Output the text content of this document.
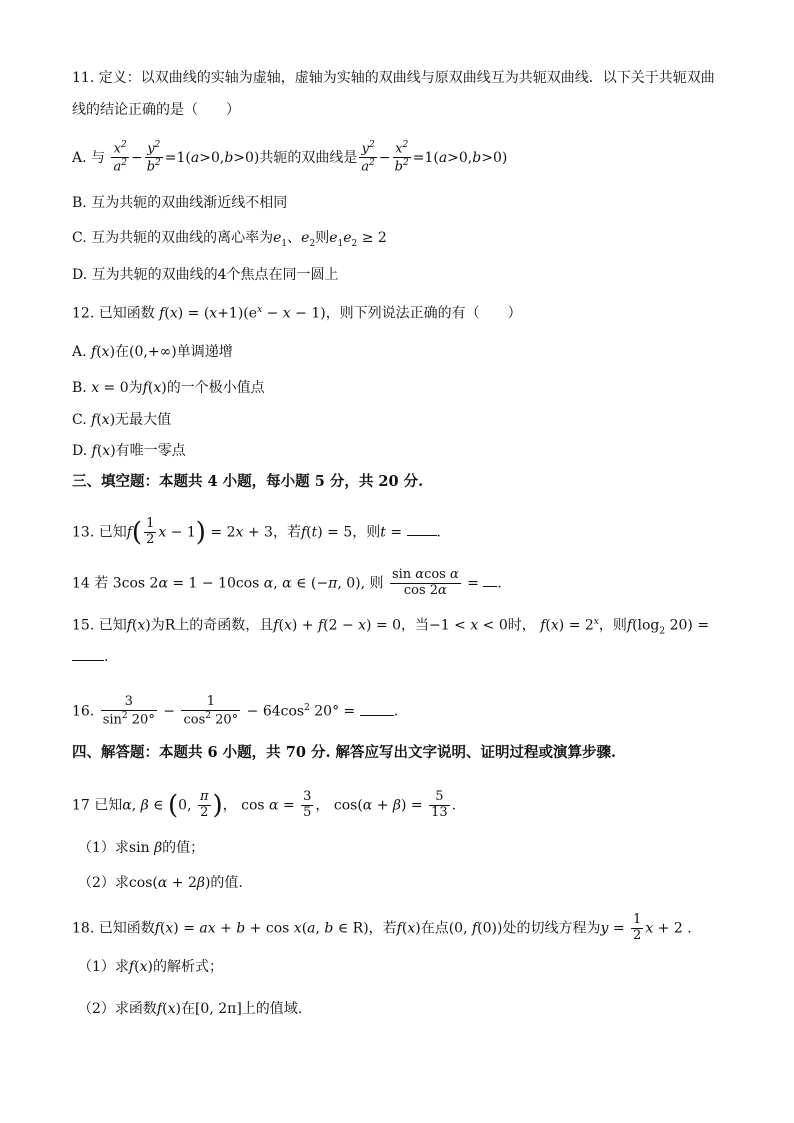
11. 定义：以双曲线的实轴为虚轴，虚轴为实轴的双曲线与原双曲线互为共轭双曲线．以下关于共轭双曲
线的结论正确的是（　　）
A. 与 $\frac{x^2}{a^2} - \frac{y^2}{b^2} =1(a>0,b>0)$共轭的双曲线是 $\frac{y^2}{a^2} - \frac{x^2}{b^2} =1(a>0,b>0)$
B. 互为共轭的双曲线渐近线不相同
C. 互为共轭的双曲线的离心率为$e_1$、$e_2$则$e_1e_2 \ge 2$
D. 互为共轭的双曲线的4个焦点在同一圆上
12. 已知函数 $f(x) = (x+1)(e^x - x - 1)$，则下列说法正确的有（　　）
A. f(x)在(0,+∞)单调递增
B. x = 0为f(x)的一个极小值点
C. f(x)无最大值
D. f(x)有唯一零点
三、填空题：本题共 4 小题，每小题 5 分，共 20 分.
13. 已知$f( \frac{1}{2}$ x − 1) = 2x + 3，若f(t) = 5，则t = .
14 若 3cos 2α = 1 − 10cos α, α ∈ (−π, 0), 则 $\frac{\text{sin αcos α}}{\cos 2\alpha}$ = .
15. 已知f(x)为R上的奇函数，且f(x) + f(2 − x) = 0，当−1 < x < 0时， $f(x) = 2^x$，则$f(\log_2$ 20) =
.
16. $\frac{3}{\sin^2 20^\circ} - \frac{1}{\cos^2 20^\circ} - 64\cos^2$ 20° = .
四、解答题：本题共 6 小题，共 70 分. 解答应写出文字说明、证明过程或演算步骤.
17 已知α, β ∈ (0, $\frac{\pi}{2}$ )， $\cos \alpha = \frac{3}{5}$ ， $\cos(\alpha + \beta) = \frac{5}{13}$ .
（1）求sin β的值；
（2）求cos(α + 2β)的值.
18. 已知函数f(x) = ax + b + cos x(a, b ∈ R)，若f(x)在点(0, f(0))处的切线方程为$y = \frac{1}{2}$ x + 2 .
（1）求f(x)的解析式；
（2）求函数f(x)在[0, 2π]上的值域.
